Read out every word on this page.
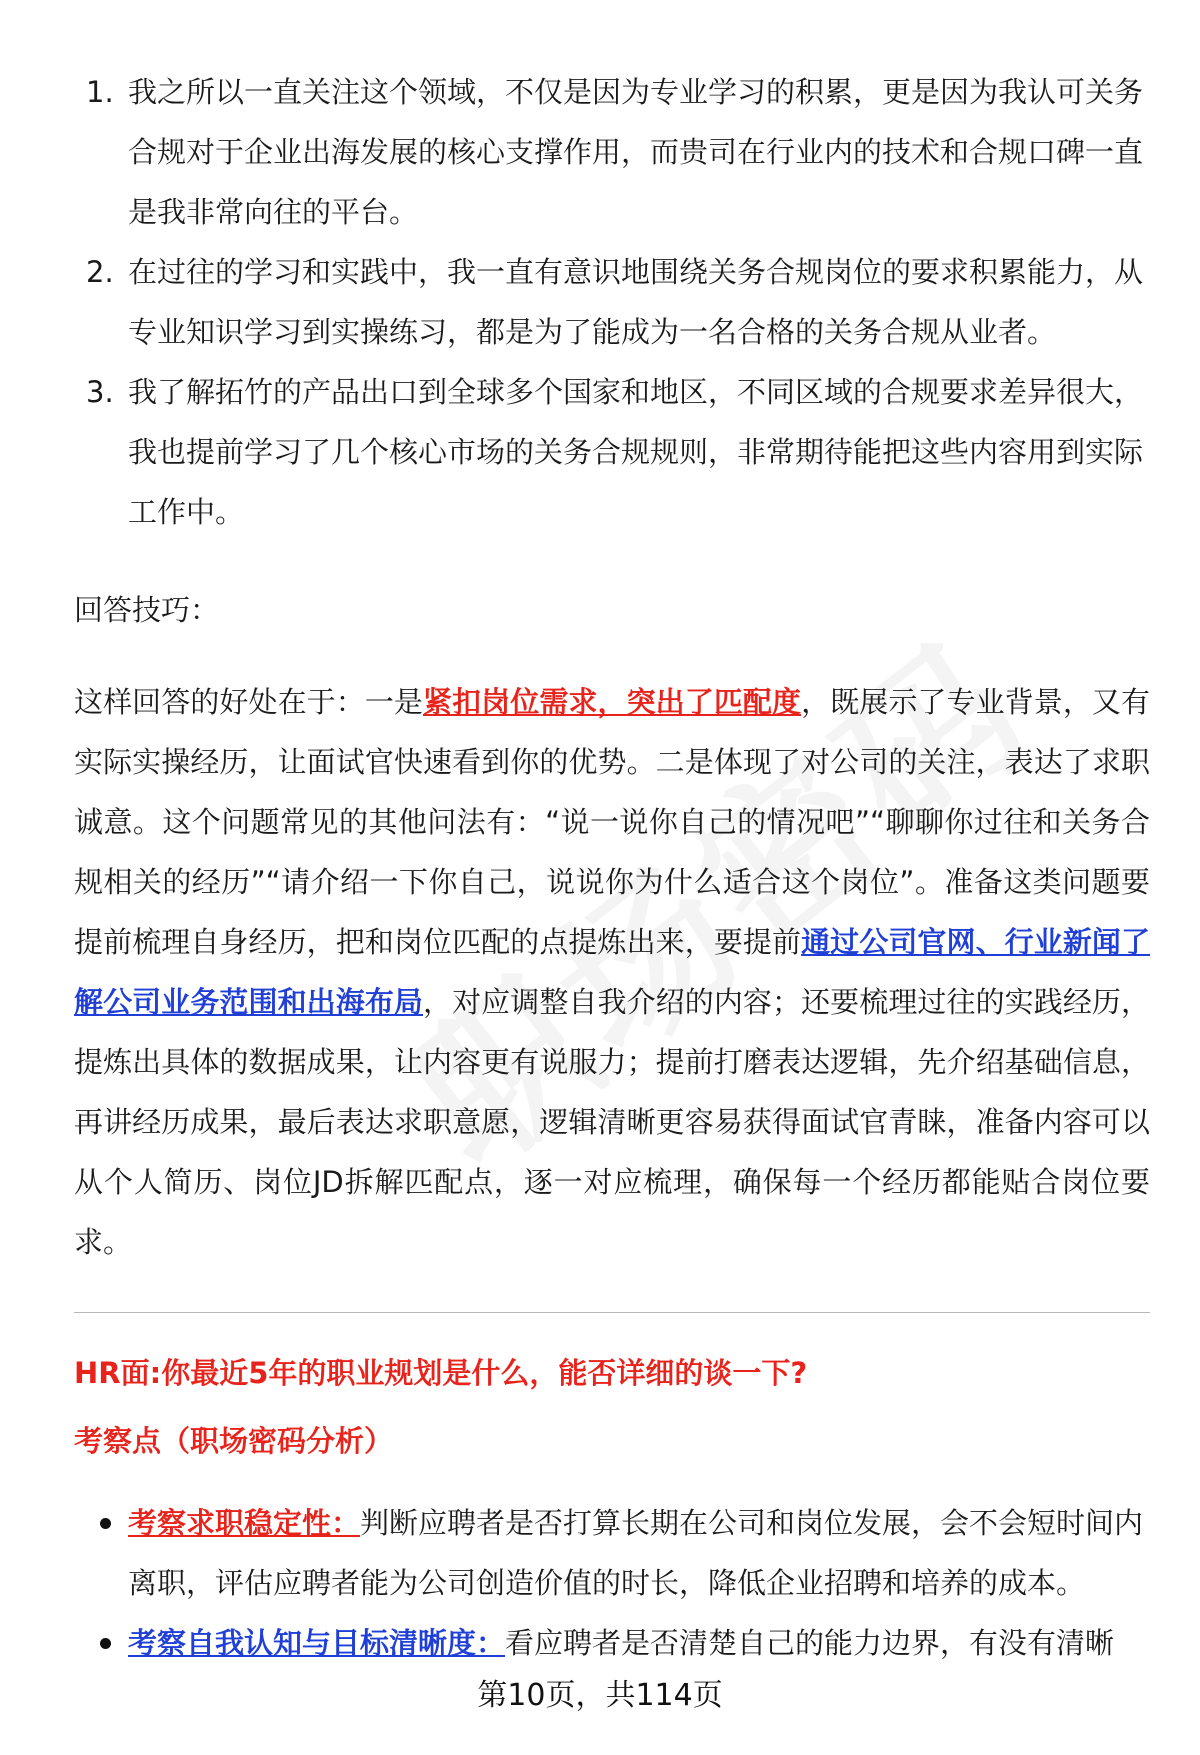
1. 我之所以一直关注这个领域，不仅是因为专业学习的积累，更是因为我认可关务合规对于企业出海发展的核心支撑作用，而贵司在行业内的技术和合规口碑一直是我非常向往的平台。
2. 在过往的学习和实践中，我一直有意识地围绕关务合规岗位的要求积累能力，从专业知识学习到实操练习，都是为了能成为一名合格的关务合规从业者。
3. 我了解拓竹的产品出口到全球多个国家和地区，不同区域的合规要求差异很大，我也提前学习了几个核心市场的关务合规规则，非常期待能把这些内容用到实际工作中。
回答技巧：
这样回答的好处在于：一是紧扣岗位需求，突出了匹配度，既展示了专业背景，又有实际实操经历，让面试官快速看到你的优势。二是体现了对公司的关注，表达了求职诚意。这个问题常见的其他问法有：“说一说你自己的情况吧”“聊聊你过往和关务合规相关的经历”“请介绍一下你自己，说说你为什么适合这个岗位”。准备这类问题要提前梳理自身经历，把和岗位匹配的点提炼出来，要提前通过公司官网、行业新闻了解公司业务范围和出海布局，对应调整自我介绍的内容；还要梳理过往的实践经历，提炼出具体的数据成果，让内容更有说服力；提前打磨表达逻辑，先介绍基础信息，再讲经历成果，最后表达求职意愿，逻辑清晰更容易获得面试官青睐，准备内容可以从个人简历、岗位JD拆解匹配点，逐一对应梳理，确保每一个经历都能贴合岗位要求。
HR面:你最近5年的职业规划是什么，能否详细的谈一下?
考察点（职场密码分析）
考察求职稳定性：判断应聘者是否打算长期在公司和岗位发展，会不会短时间内离职，评估应聘者能为公司创造价值的时长，降低企业招聘和培养的成本。
考察自我认知与目标清晰度：看应聘者是否清楚自己的能力边界，有没有清晰
第10页，共114页
